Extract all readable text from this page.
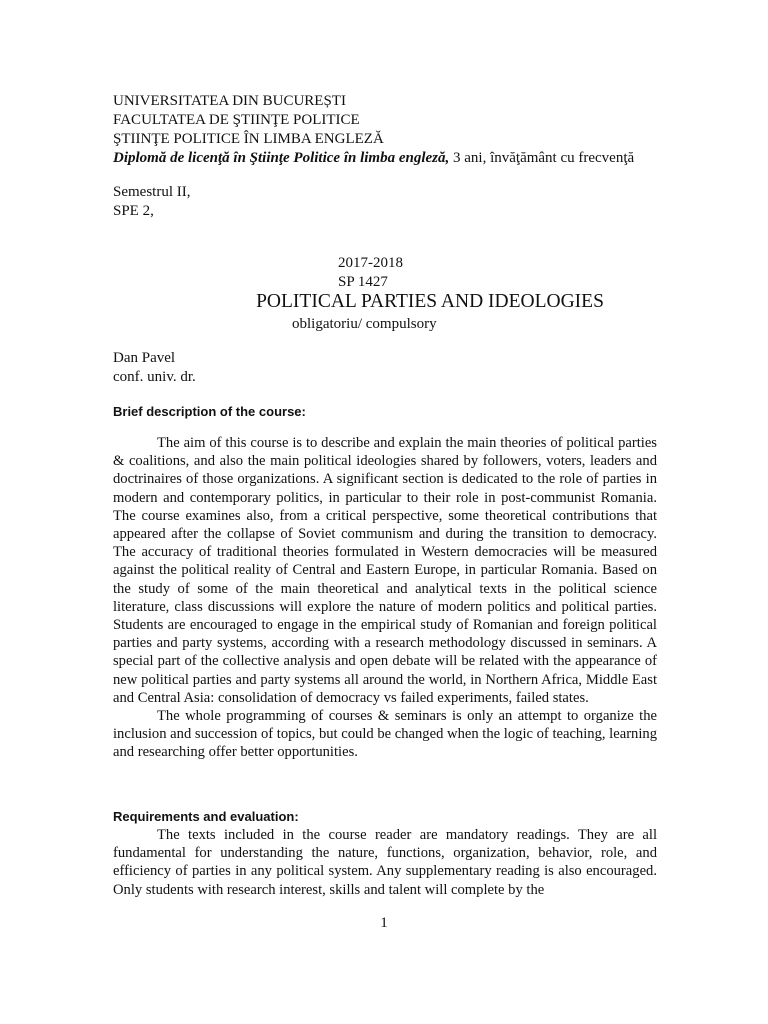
UNIVERSITATEA DIN BUCUREȘTI
FACULTATEA DE ŞTIINŢE POLITICE
ŞTIINŢE POLITICE ÎN LIMBA ENGLEZĂ
Diplomă de licenţă în Ştiinţe Politice în limba engleză, 3 ani, învăţământ cu frecvenţă
Semestrul II,
SPE 2,
2017-2018
SP 1427
POLITICAL PARTIES AND IDEOLOGIES
obligatoriu/ compulsory
Dan Pavel
conf. univ. dr.
Brief description of the course:

The aim of this course is to describe and explain the main theories of political parties & coalitions, and also the main political ideologies shared by followers, voters, leaders and doctrinaires of those organizations. A significant section is dedicated to the role of parties in modern and contemporary politics, in particular to their role in post-communist Romania. The course examines also, from a critical perspective, some theoretical contributions that appeared after the collapse of Soviet communism and during the transition to democracy. The accuracy of traditional theories formulated in Western democracies will be measured against the political reality of Central and Eastern Europe, in particular Romania. Based on the study of some of the main theoretical and analytical texts in the political science literature, class discussions will explore the nature of modern politics and political parties. Students are encouraged to engage in the empirical study of Romanian and foreign political parties and party systems, according with a research methodology discussed in seminars. A special part of the collective analysis and open debate will be related with the appearance of new political parties and party systems all around the world, in Northern Africa, Middle East and Central Asia: consolidation of democracy vs failed experiments, failed states.

The whole programming of courses & seminars is only an attempt to organize the inclusion and succession of topics, but could be changed when the logic of teaching, learning and researching offer better opportunities.

Requirements and evaluation:

The texts included in the course reader are mandatory readings. They are all fundamental for understanding the nature, functions, organization, behavior, role, and efficiency of parties in any political system. Any supplementary reading is also encouraged. Only students with research interest, skills and talent will complete by the

1
